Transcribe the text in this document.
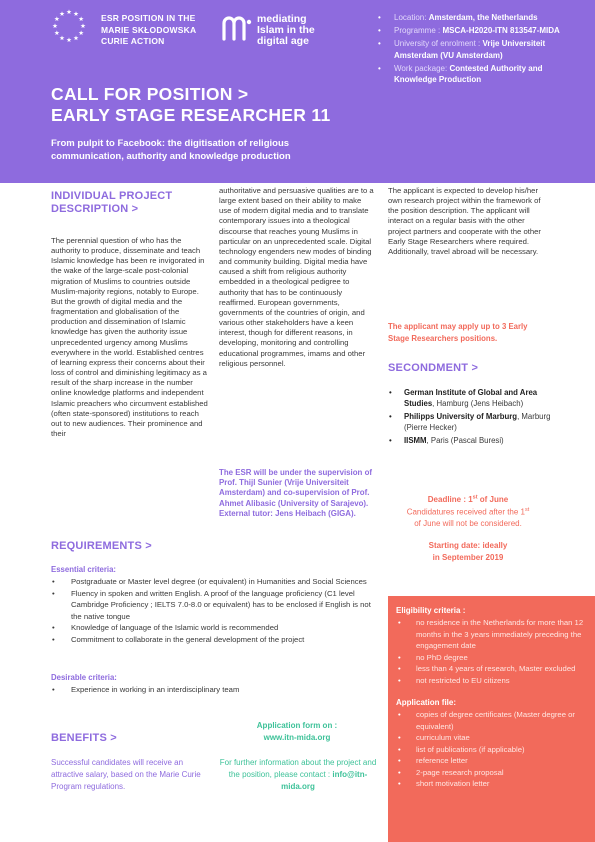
ESR POSITION IN THE
MARIE SKŁODOWSKA
CURIE ACTION
mediating
Islam in the
digital age
• Location: Amsterdam, the Netherlands
• Programme : MSCA-H2020-ITN 813547-MIDA
• University of enrolment : Vrije Universiteit Amsterdam (VU Amsterdam)
• Work package: Contested Authority and Knowledge Production
CALL FOR POSITION >
EARLY STAGE RESEARCHER 11
From pulpit to Facebook: the digitisation of religious communication, authority and knowledge production
INDIVIDUAL PROJECT
DESCRIPTION >
The perennial question of who has the authority to produce, disseminate and teach Islamic knowledge has been re invigorated in the wake of the large-scale post-colonial migration of Muslims to countries outside Muslim-majority regions, notably to Europe. But the growth of digital media and the fragmentation and globalisation of the production and dissemination of Islamic knowledge has given the authority issue unprecedented urgency among Muslims everywhere in the world. Established centres of learning express their concerns about their loss of control and diminishing legitimacy as a result of the sharp increase in the number online knowledge platforms and independent Islamic preachers who circumvent established (often state-sponsored) institutions to reach out to new audiences. Their prominence and their
authoritative and persuasive qualities are to a large extent based on their ability to make use of modern digital media and to translate contemporary issues into a theological discourse that reaches young Muslims in particular on an unprecedented scale. Digital technology engenders new modes of binding and community building. Digital media have caused a shift from religious authority embedded in a theological pedigree to authority that has to be continuously reaffirmed. European governments, governments of the countries of origin, and various other stakeholders have a keen interest, though for different reasons, in developing, monitoring and controlling educational programmes, imams and other religious personnel.
The ESR will be under the supervision of Prof. Thijl Sunier (Vrije Universiteit Amsterdam) and co-supervision of Prof. Ahmet Alibasic (University of Sarajevo). External tutor: Jens Heibach (GIGA).
The applicant is expected to develop his/her own research project within the framework of the position description. The applicant will interact on a regular basis with the other project partners and cooperate with the other Early Stage Researchers where required. Additionally, travel abroad will be necessary.
The applicant may apply up to 3 Early Stage Researchers positions.
SECONDMENT >
• German Institute of Global and Area Studies, Hamburg (Jens Heibach)
• Philipps University of Marburg, Marburg (Pierre Hecker)
• IISMM, Paris (Pascal Buresi)
Deadline : 1st of June
Candidatures received after the 1st
of June will not be considered.
Starting date: ideally
in September 2019
REQUIREMENTS >
Essential criteria:
• Postgraduate or Master level degree (or equivalent) in Humanities and Social Sciences
• Fluency in spoken and written English. A proof of the language proficiency (C1 level Cambridge Proficiency ; IELTS 7.0-8.0 or equivalent) has to be enclosed if English is not the native tongue
• Knowledge of language of the Islamic world is recommended
• Commitment to collaborate in the general development of the project
Desirable criteria:
• Experience in working in an interdisciplinary team
BENEFITS >
Successful candidates will receive an attractive salary, based on the Marie Curie Program regulations.
Application form on :
www.itn-mida.org
For further information about the project and the position, please contact : info@itn-mida.org
Eligibility criteria :
• no residence in the Netherlands for more than 12 months in the 3 years immediately preceding the engagement date
• no PhD degree
• less than 4 years of research, Master excluded
• not restricted to EU citizens
Application file:
• copies of degree certificates (Master degree or equivalent)
• curriculum vitae
• list of publications (if applicable)
• reference letter
• 2-page research proposal
• short motivation letter
